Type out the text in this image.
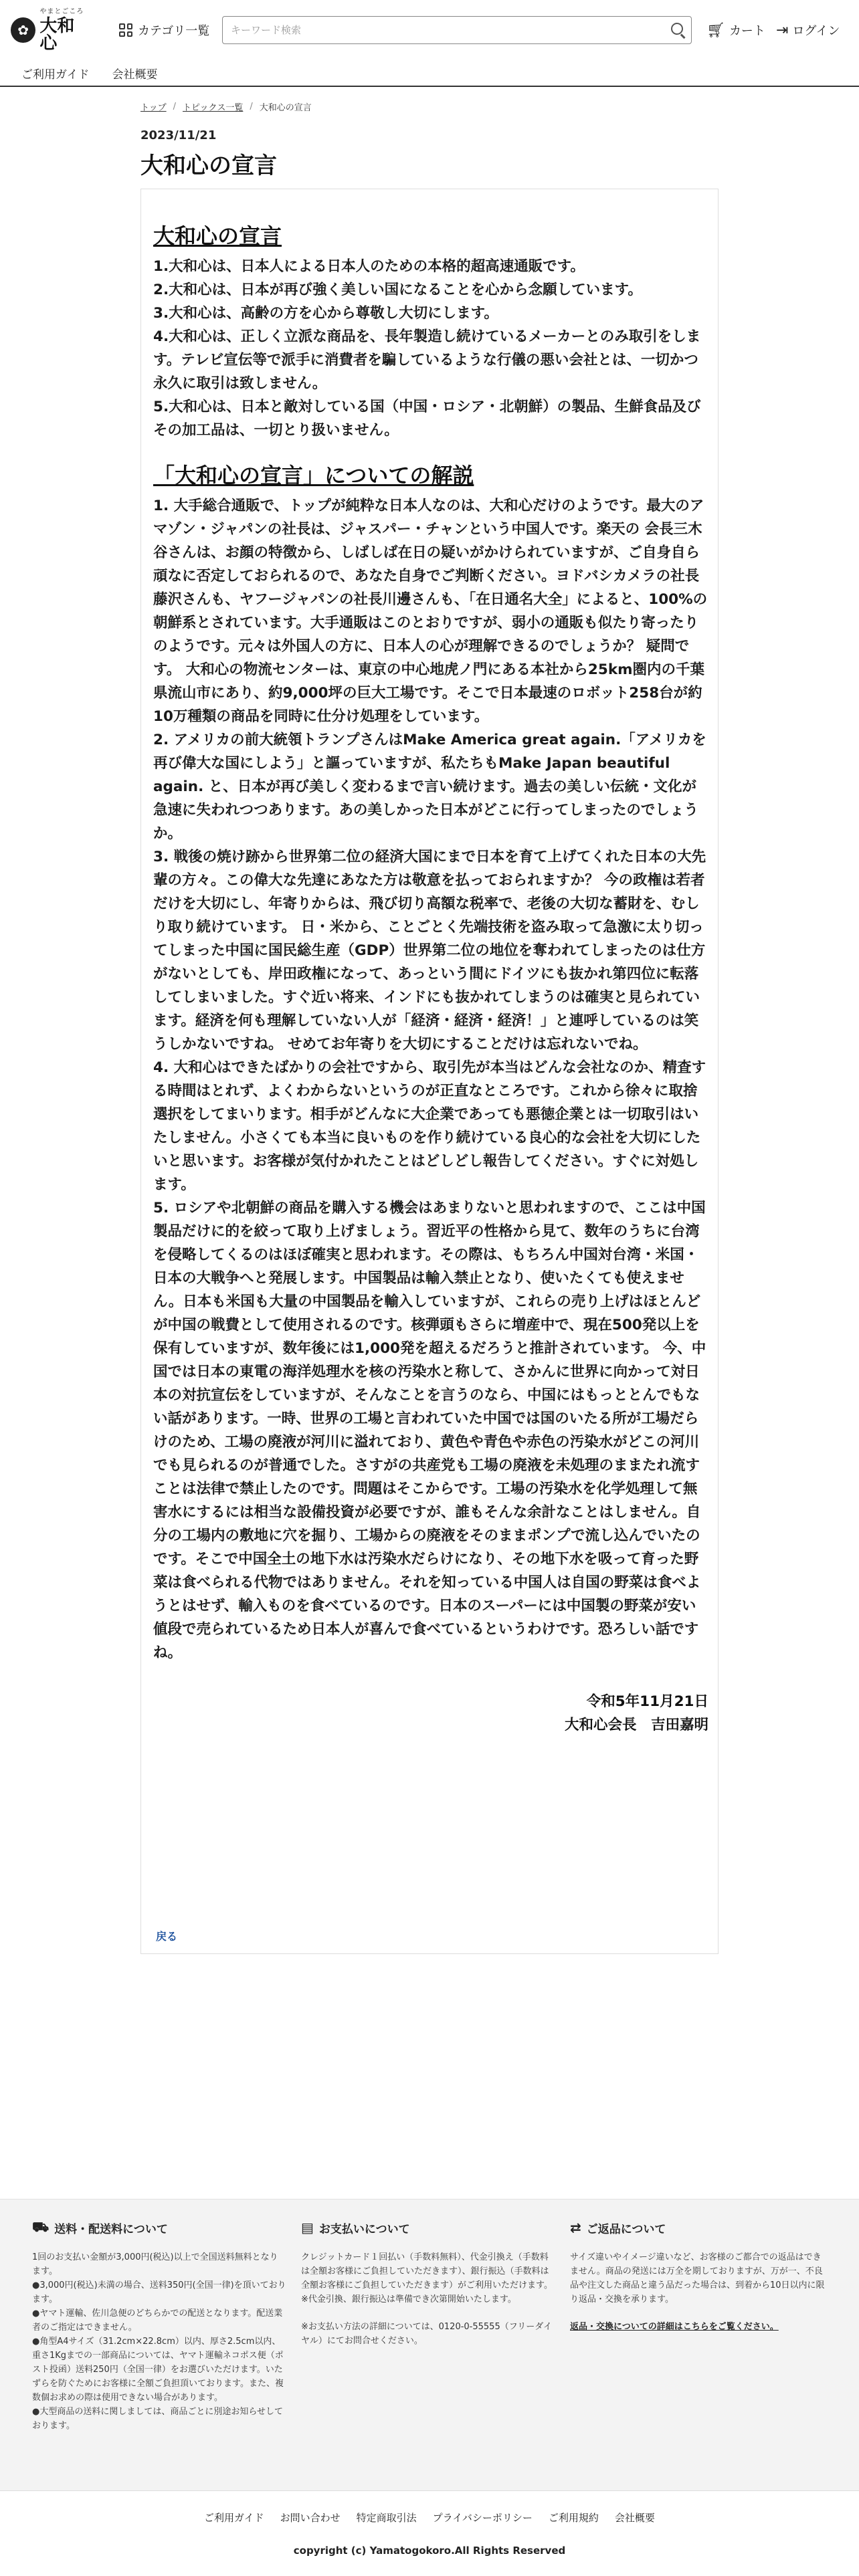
✿
やまとごころ
大和心
カテゴリ一覧
キーワード検索	🛒︎ カート ⇥ ログイン
ご利用ガイド 会社概要
トップ / トピックス一覧 / 大和心の宣言
2023/11/21
大和心の宣言
大和心の宣言

1.大和心は、日本人による日本人のための本格的超高速通販です。

2.大和心は、日本が再び強く美しい国になることを心から念願しています。

3.大和心は、高齢の方を心から尊敬し大切にします。

4.大和心は、正しく立派な商品を、長年製造し続けているメーカーとのみ取引をします。テレビ宣伝等で派手に消費者を騙しているような行儀の悪い会社とは、一切かつ永久に取引は致しません。

5.大和心は、日本と敵対している国（中国・ロシア・北朝鮮）の製品、生鮮食品及びその加工品は、一切とり扱いません。

「大和心の宣言」についての解説

1. 大手総合通販で、トップが純粋な日本人なのは、大和心だけのようです。最大のアマゾン・ジャパンの社長は、ジャスパー・チャンという中国人です。楽天の 会長三木谷さんは、お顔の特徴から、しばしば在日の疑いがかけられていますが、ご自身自ら頑なに否定しておられるので、あなた自身でご判断ください。ヨドバシカメラの社長藤沢さんも、ヤフージャパンの社長川邊さんも、「在日通名大全」によると、100%の朝鮮系とされています。大手通販はこのとおりですが、弱小の通販も似たり寄ったりのようです。元々は外国人の方に、日本人の心が理解できるのでしょうか？ 疑問です。 大和心の物流センターは、東京の中心地虎ノ門にある本社から25km圏内の千葉県流山市にあり、約9,000坪の巨大工場です。そこで日本最速のロボット258台が約10万種類の商品を同時に仕分け処理をしています。

2. アメリカの前大統領トランプさんはMake America great again.「アメリカを再び偉大な国にしよう」と謳っていますが、私たちもMake Japan beautiful again. と、日本が再び美しく変わるまで言い続けます。過去の美しい伝統・文化が急速に失われつつあります。あの美しかった日本がどこに行ってしまったのでしょうか。

3. 戦後の焼け跡から世界第二位の経済大国にまで日本を育て上げてくれた日本の大先輩の方々。この偉大な先達にあなた方は敬意を払っておられますか？ 今の政権は若者だけを大切にし、年寄りからは、飛び切り高額な税率で、老後の大切な蓄財を、むしり取り続けています。 日・米から、ことごとく先端技術を盗み取って急激に太り切ってしまった中国に国民総生産（GDP）世界第二位の地位を奪われてしまったのは仕方がないとしても、岸田政権になって、あっという間にドイツにも抜かれ第四位に転落してしまいました。すぐ近い将来、インドにも抜かれてしまうのは確実と見られています。経済を何も理解していない人が「経済・経済・経済！」と連呼しているのは笑うしかないですね。 せめてお年寄りを大切にすることだけは忘れないでね。

4. 大和心はできたばかりの会社ですから、取引先が本当はどんな会社なのか、精査する時間はとれず、よくわからないというのが正直なところです。これから徐々に取捨選択をしてまいります。相手がどんなに大企業であっても悪徳企業とは一切取引はいたしません。小さくても本当に良いものを作り続けている良心的な会社を大切にしたいと思います。お客様が気付かれたことはどしどし報告してください。すぐに対処します。

5. ロシアや北朝鮮の商品を購入する機会はあまりないと思われますので、ここは中国製品だけに的を絞って取り上げましょう。習近平の性格から見て、数年のうちに台湾を侵略してくるのはほぼ確実と思われます。その際は、もちろん中国対台湾・米国・日本の大戦争へと発展します。中国製品は輸入禁止となり、使いたくても使えません。日本も米国も大量の中国製品を輸入していますが、これらの売り上げはほとんどが中国の戦費として使用されるのです。核弾頭もさらに増産中で、現在500発以上を保有していますが、数年後には1,000発を超えるだろうと推計されています。 今、中国では日本の東電の海洋処理水を核の汚染水と称して、さかんに世界に向かって対日本の対抗宣伝をしていますが、そんなことを言うのなら、中国にはもっととんでもない話があります。一時、世界の工場と言われていた中国では国のいたる所が工場だらけのため、工場の廃液が河川に溢れており、黄色や青色や赤色の汚染水がどこの河川でも見られるのが普通でした。さすがの共産党も工場の廃液を未処理のままたれ流すことは法律で禁止したのです。問題はそこからです。工場の汚染水を化学処理して無害水にするには相当な設備投資が必要ですが、誰もそんな余計なことはしません。自分の工場内の敷地に穴を掘り、工場からの廃液をそのままポンプで流し込んでいたのです。そこで中国全土の地下水は汚染水だらけになり、その地下水を吸って育った野菜は食べられる代物ではありません。それを知っている中国人は自国の野菜は食べようとはせず、輸入ものを食べているのです。日本のスーパーには中国製の野菜が安い値段で売られているため日本人が喜んで食べているというわけです。恐ろしい話ですね。

令和5年11月21日
大和心会長　吉田嘉明
戻る
⛟ 送料・配送料について
1回のお支払い金額が3,000円(税込)以上で全国送料無料となります。
●3,000円(税込)未満の場合、送料350円(全国一律)を頂いております。
●ヤマト運輸、佐川急便のどちらかでの配送となります。配送業者のご指定はできません。
●角型A4サイズ（31.2cm×22.8cm）以内、厚さ2.5cm以内、重さ1Kgまでの一部商品については、ヤマト運輸ネコポス便（ポスト投函）送料250円（全国一律）をお選びいただけます。いたずらを防ぐためにお客様に全額ご負担頂いております。また、複数個お求めの際は使用できない場合があります。
●大型商品の送料に関しましては、商品ごとに別途お知らせしております。
▤ お支払いについて
クレジットカード１回払い（手数料無料）、代金引換え（手数料は全額お客様にご負担していただきます）、銀行振込（手数料は全額お客様にご負担していただきます）がご利用いただけます。
※代金引換、銀行振込は準備でき次第開始いたします。
※お支払い方法の詳細については、0120-0-55555（フリーダイヤル）にてお問合せください。
⇄ ご返品について
サイズ違いやイメージ違いなど、お客様のご都合での返品はできません。商品の発送には万全を期しておりますが、万が一、不良品や注文した商品と違う品だった場合は、到着から10日以内に限り返品・交換を承ります。
返品・交換についての詳細はこちらをご覧ください。
ご利用ガイド お問い合わせ 特定商取引法 プライバシーポリシー ご利用規約 会社概要
copyright (c) Yamatogokoro.All Rights Reserved
